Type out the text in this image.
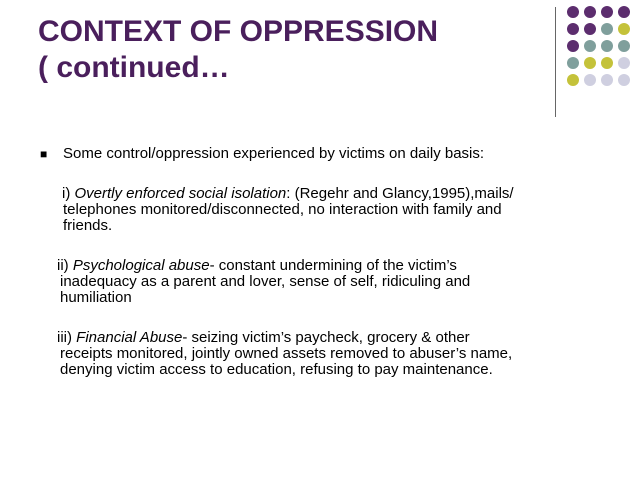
CONTEXT OF OPPRESSION
( continued…
■	Some control/oppression experienced by victims on daily basis:

i) Overtly enforced social isolation: (Regehr and Glancy,1995),mails/

telephones monitored/disconnected, no interaction with family and

friends.

ii) Psychological abuse- constant undermining of the victim’s

inadequacy as a parent and lover, sense of self, ridiculing and

humiliation

iii) Financial Abuse- seizing victim’s paycheck, grocery & other

receipts monitored, jointly owned assets removed to abuser’s name,

denying victim access to education, refusing to pay maintenance.
